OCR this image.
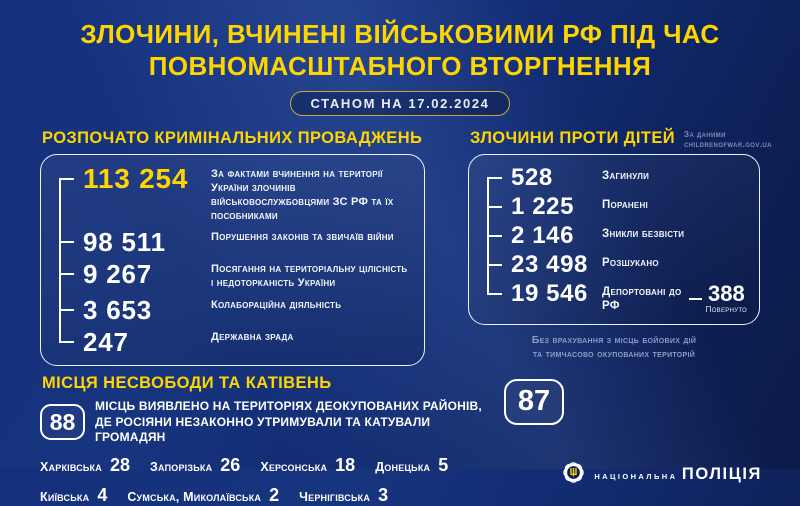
ЗЛОЧИНИ, ВЧИНЕНІ ВІЙСЬКОВИМИ РФ ПІД ЧАС
ПОВНОМАСШТАБНОГО ВТОРГНЕННЯ
СТАНОМ НА 17.02.2024
РОЗПОЧАТО КРИМІНАЛЬНИХ ПРОВАДЖЕНЬ
113 254	За фактами вчинення на території України злочинів військовослужбовцями ЗС РФ та їх пособниками
98 511	Порушення законів та звичаїв війни
9 267	Посягання на територіальну цілісність і недоторканість України
3 653	Колабораційна діяльність
247	Державна зрада
ЗЛОЧИНИ ПРОТИ ДІТЕЙ За даними
childrenofwar.gov.ua
528	Загинули
1 225	Поранені
2 146	Зникли безвісти
23 498	Розшукано
19 546	Депортовані до РФ	388
Повернуто
Без врахування з місць бойових дій
та тимчасово окупованих територій
МІСЦЯ НЕСВОБОДИ ТА КАТІВЕНЬ
88
МІСЦЬ ВИЯВЛЕНО НА ТЕРИТОРІЯХ ДЕОКУПОВАНИХ РАЙОНІВ,
ДЕ РОСІЯНИ НЕЗАКОННО УТРИМУВАЛИ ТА КАТУВАЛИ ГРОМАДЯН
Харківська 28 Запорізька 26 Херсонська 18 Донецька 5
Київська 4 Сумська, Миколаївська 2 Чернігівська 3
87
НАЦІОНАЛЬНА ПОЛІЦІЯ
